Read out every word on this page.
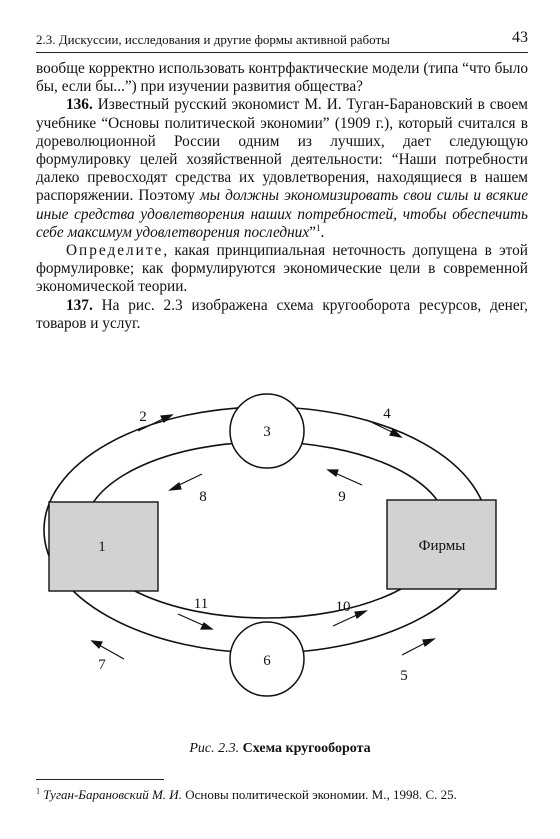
2.3. Дискуссии, исследования и другие формы активной работы	43

вообще корректно использовать контрфактические модели (типа “что было бы, если бы...”) при изучении развития общества?

136. Известный русский экономист М. И. Туган-Барановский в своем учебнике “Основы политической экономии” (1909 г.), который считался в дореволюционной России одним из лучших, дает следующую формулировку целей хозяйственной деятельности: “Наши потребности далеко превосходят средства их удовлетворения, находящиеся в нашем распоряжении. Поэтому мы должны экономизировать свои силы и всякие иные средства удовлетворения наших потребностей, чтобы обеспечить себе максимум удовлетворения последних”$^1$.

Определите, какая принципиальная неточность допущена в этой формулировке; как формулируются экономические цели в современной экономической теории.

137. На рис. 2.3 изображена схема кругооборота ресурсов, денег, товаров и услуг.

1	Фирмы
3
6
2	4
8	9
11	10
7
5
Рис. 2.3. Схема кругооборота
$^1$ Туган-Барановский М. И. Основы политической экономии. М., 1998. С. 25.
